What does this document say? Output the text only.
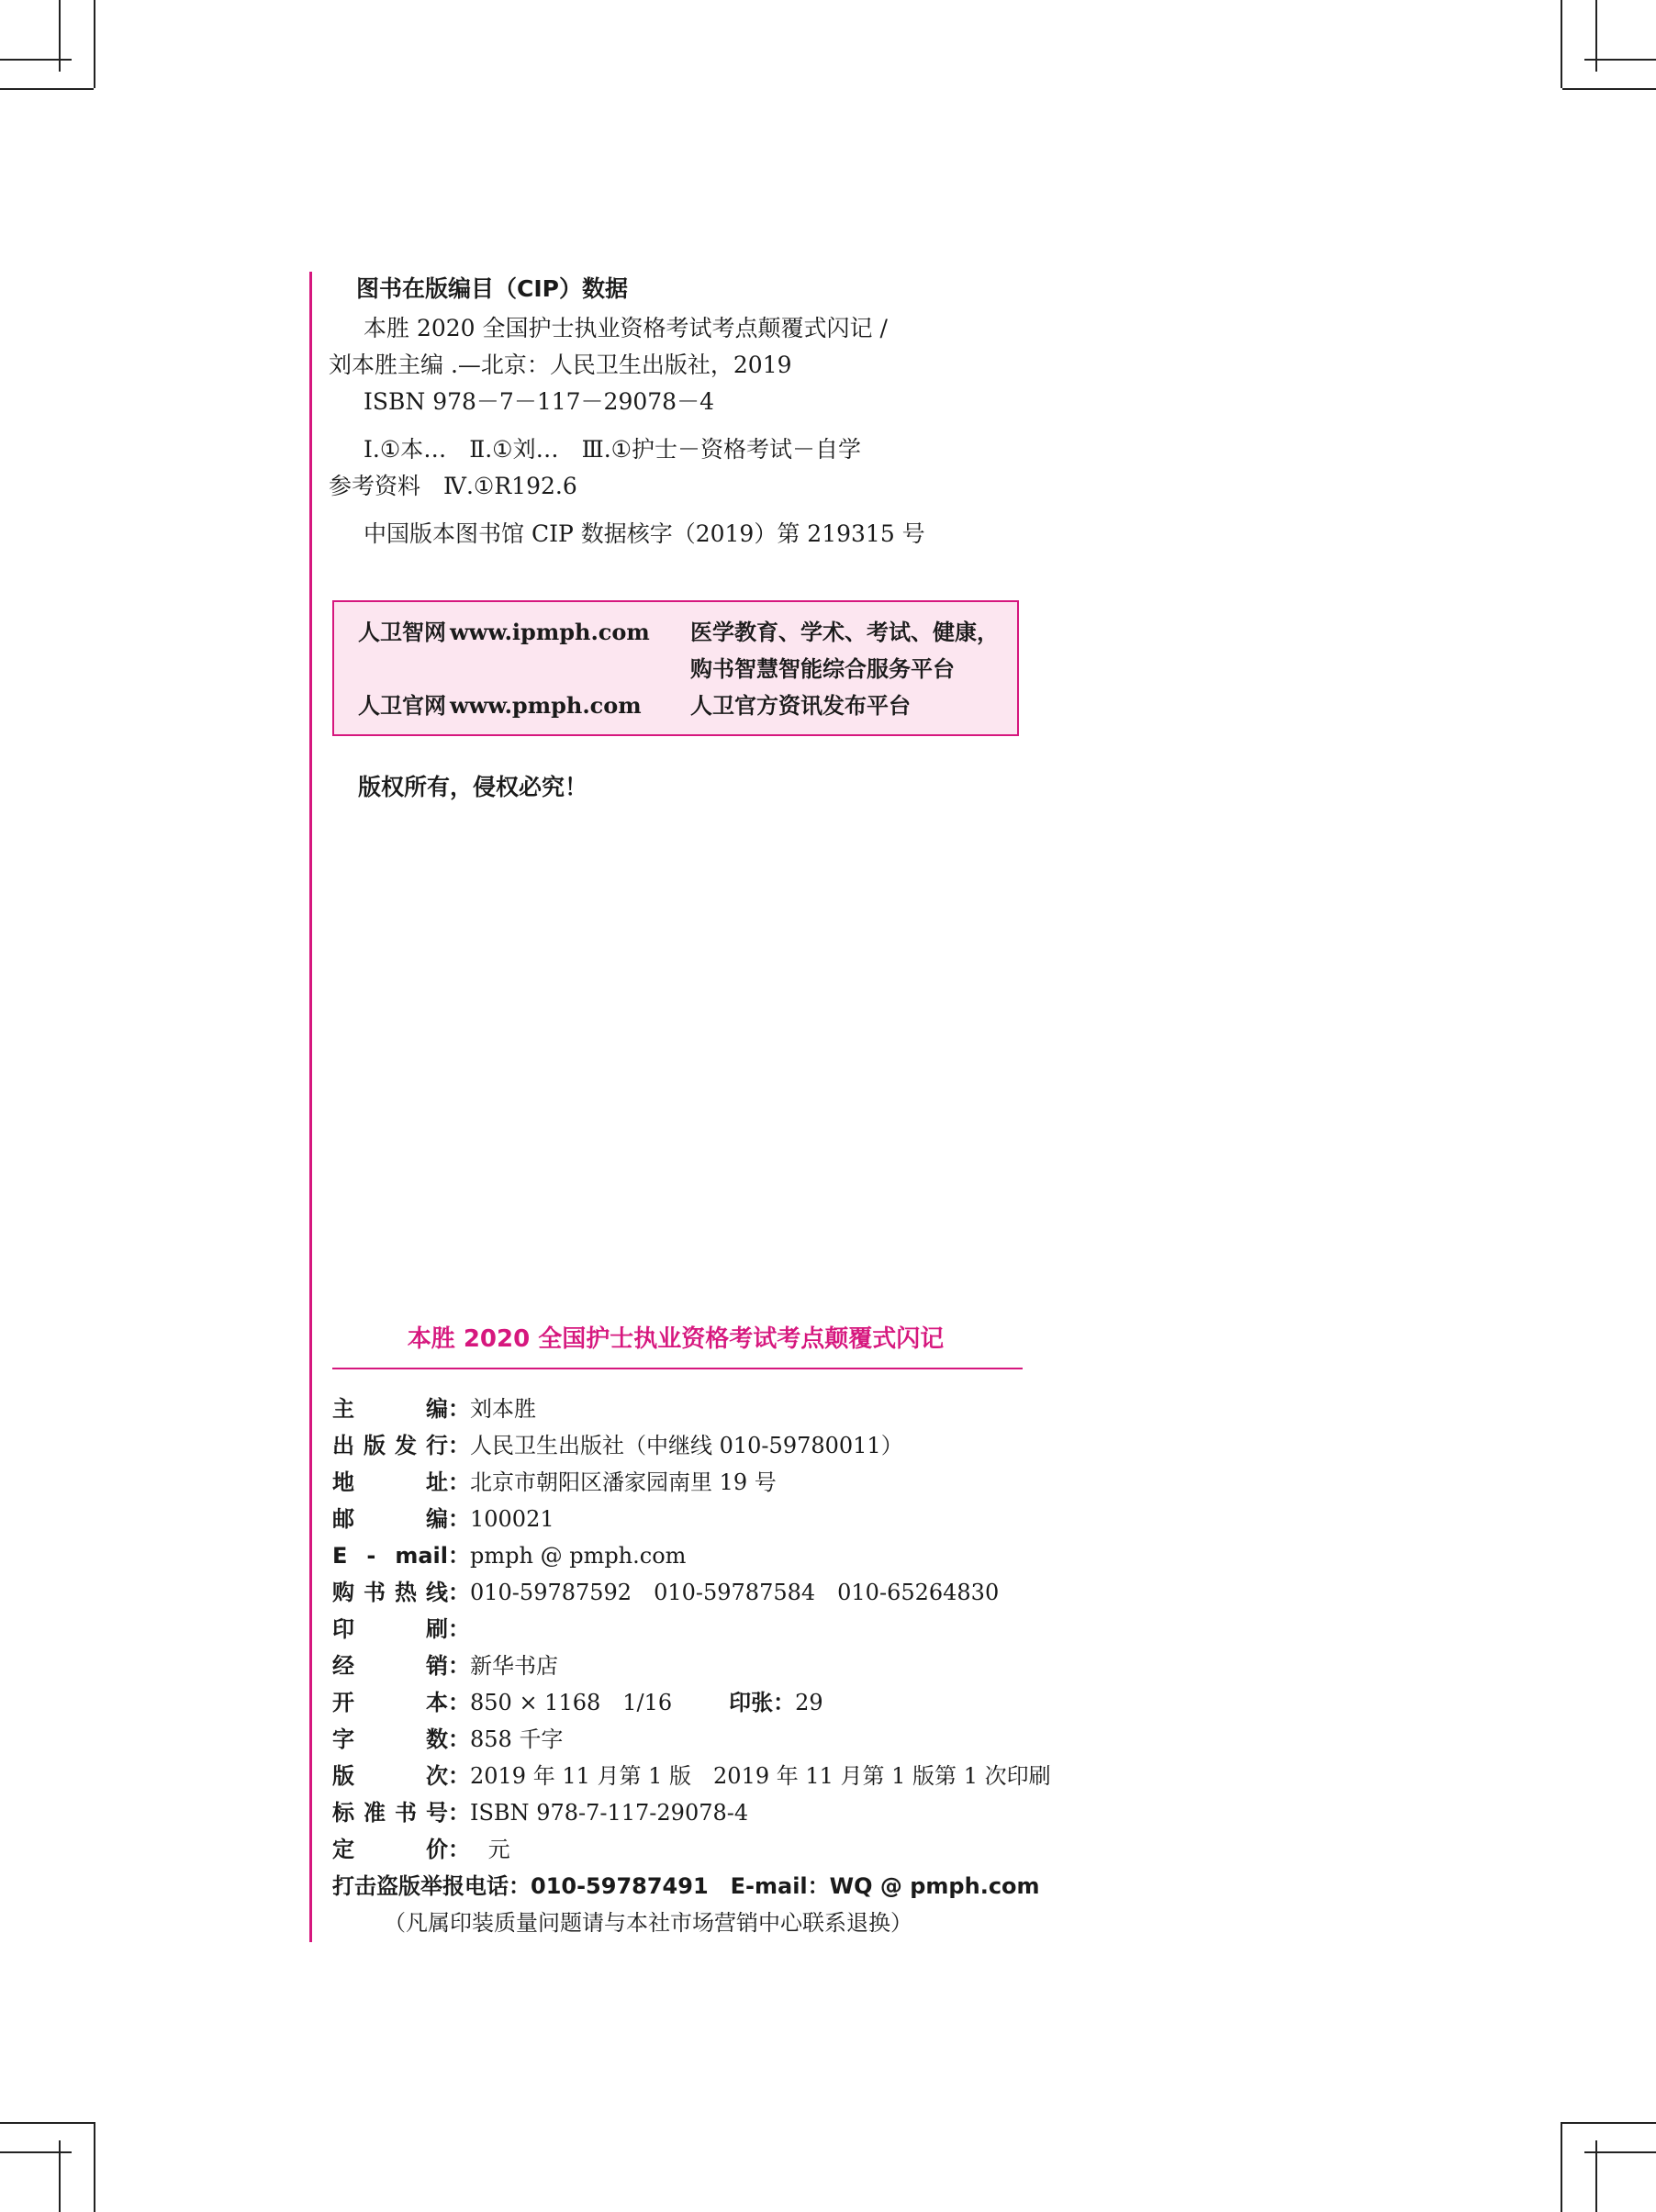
图书在版编目（CIP）数据
本胜 2020 全国护士执业资格考试考点颠覆式闪记 /
刘本胜主编 .—北京：人民卫生出版社，2019
ISBN 978－7－117－29078－4
Ⅰ.①本…　Ⅱ.①刘…　Ⅲ.①护士－资格考试－自学
参考资料　Ⅳ.①R192.6
中国版本图书馆 CIP 数据核字（2019）第 219315 号
人卫智网 www.ipmph.com 医学教育、学术、考试、健康，
购书智慧智能综合服务平台
人卫官网 www.pmph.com 人卫官方资讯发布平台
版权所有，侵权必究！
本胜 2020 全国护士执业资格考试考点颠覆式闪记
主编：刘本胜
出版发行：人民卫生出版社（中继线 010-59780011）
地址：北京市朝阳区潘家园南里 19 号
邮编：100021
E - mail：pmph @ pmph.com
购书热线：010-59787592　010-59787584　010-65264830
印刷：
经销：新华书店
开本：850 × 1168　1/16	印张：29
字数：858 千字
版次：2019 年 11 月第 1 版　2019 年 11 月第 1 版第 1 次印刷
标准书号：ISBN 978-7-117-29078-4
定价：　 元
打击盗版举报电话：010-59787491　E-mail：WQ @ pmph.com
（凡属印装质量问题请与本社市场营销中心联系退换）
